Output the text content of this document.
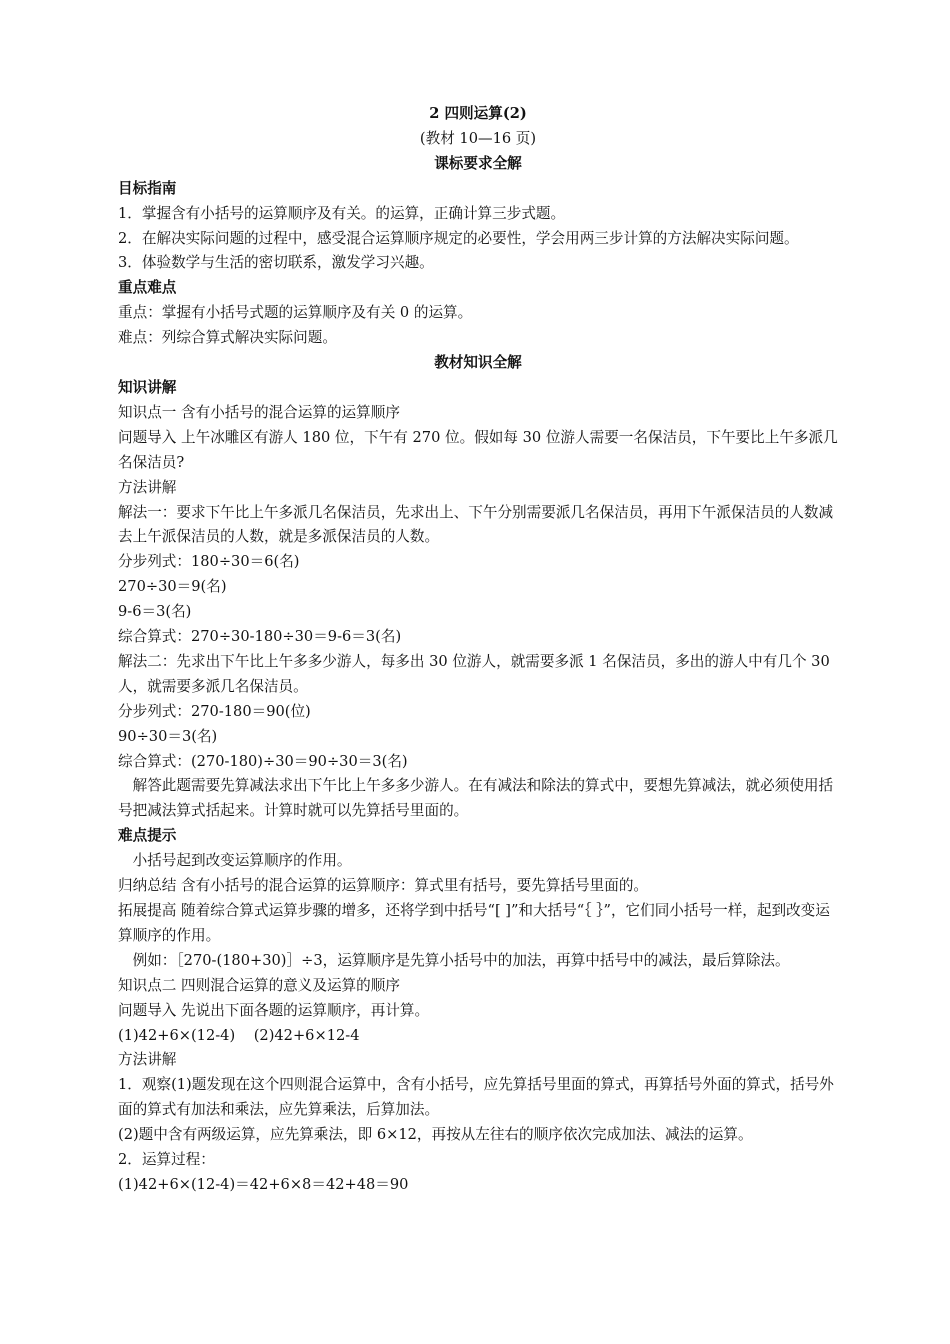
2 四则运算(2)
(教材 10—16 页)
课标要求全解
目标指南
1．掌握含有小括号的运算顺序及有关。的运算，正确计算三步式题。
2．在解决实际问题的过程中，感受混合运算顺序规定的必要性，学会用两三步计算的方法解决实际问题。
3．体验数学与生活的密切联系，激发学习兴趣。
重点难点
重点：掌握有小括号式题的运算顺序及有关 0 的运算。
难点：列综合算式解决实际问题。
教材知识全解
知识讲解
知识点一 含有小括号的混合运算的运算顺序
问题导入 上午冰雕区有游人 180 位，下午有 270 位。假如每 30 位游人需要一名保洁员，下午要比上午多派几名保洁员?
方法讲解
解法一：要求下午比上午多派几名保洁员，先求出上、下午分别需要派几名保洁员，再用下午派保洁员的人数减去上午派保洁员的人数，就是多派保洁员的人数。
分步列式：180÷30＝6(名)
270÷30＝9(名)
9-6＝3(名)
综合算式：270÷30-180÷30＝9-6＝3(名)
解法二：先求出下午比上午多多少游人，每多出 30 位游人，就需要多派 1 名保洁员，多出的游人中有几个 30 人，就需要多派几名保洁员。
分步列式：270-180＝90(位)
90÷30＝3(名)
综合算式：(270-180)÷30＝90÷30＝3(名)
解答此题需要先算减法求出下午比上午多多少游人。在有减法和除法的算式中，要想先算减法，就必须使用括号把减法算式括起来。计算时就可以先算括号里面的。
难点提示
小括号起到改变运算顺序的作用。
归纳总结 含有小括号的混合运算的运算顺序：算式里有括号，要先算括号里面的。
拓展提高 随着综合算式运算步骤的增多，还将学到中括号“[ ]”和大括号“｛ ｝”，它们同小括号一样，起到改变运算顺序的作用。
例如：［270-(180+30)］÷3，运算顺序是先算小括号中的加法，再算中括号中的减法，最后算除法。
知识点二 四则混合运算的意义及运算的顺序
问题导入 先说出下面各题的运算顺序，再计算。
(1)42+6×(12-4)    (2)42+6×12-4
方法讲解
1．观察(1)题发现在这个四则混合运算中，含有小括号，应先算括号里面的算式，再算括号外面的算式，括号外面的算式有加法和乘法，应先算乘法，后算加法。
(2)题中含有两级运算，应先算乘法，即 6×12，再按从左往右的顺序依次完成加法、减法的运算。
2．运算过程：
(1)42+6×(12-4)＝42+6×8＝42+48＝90
